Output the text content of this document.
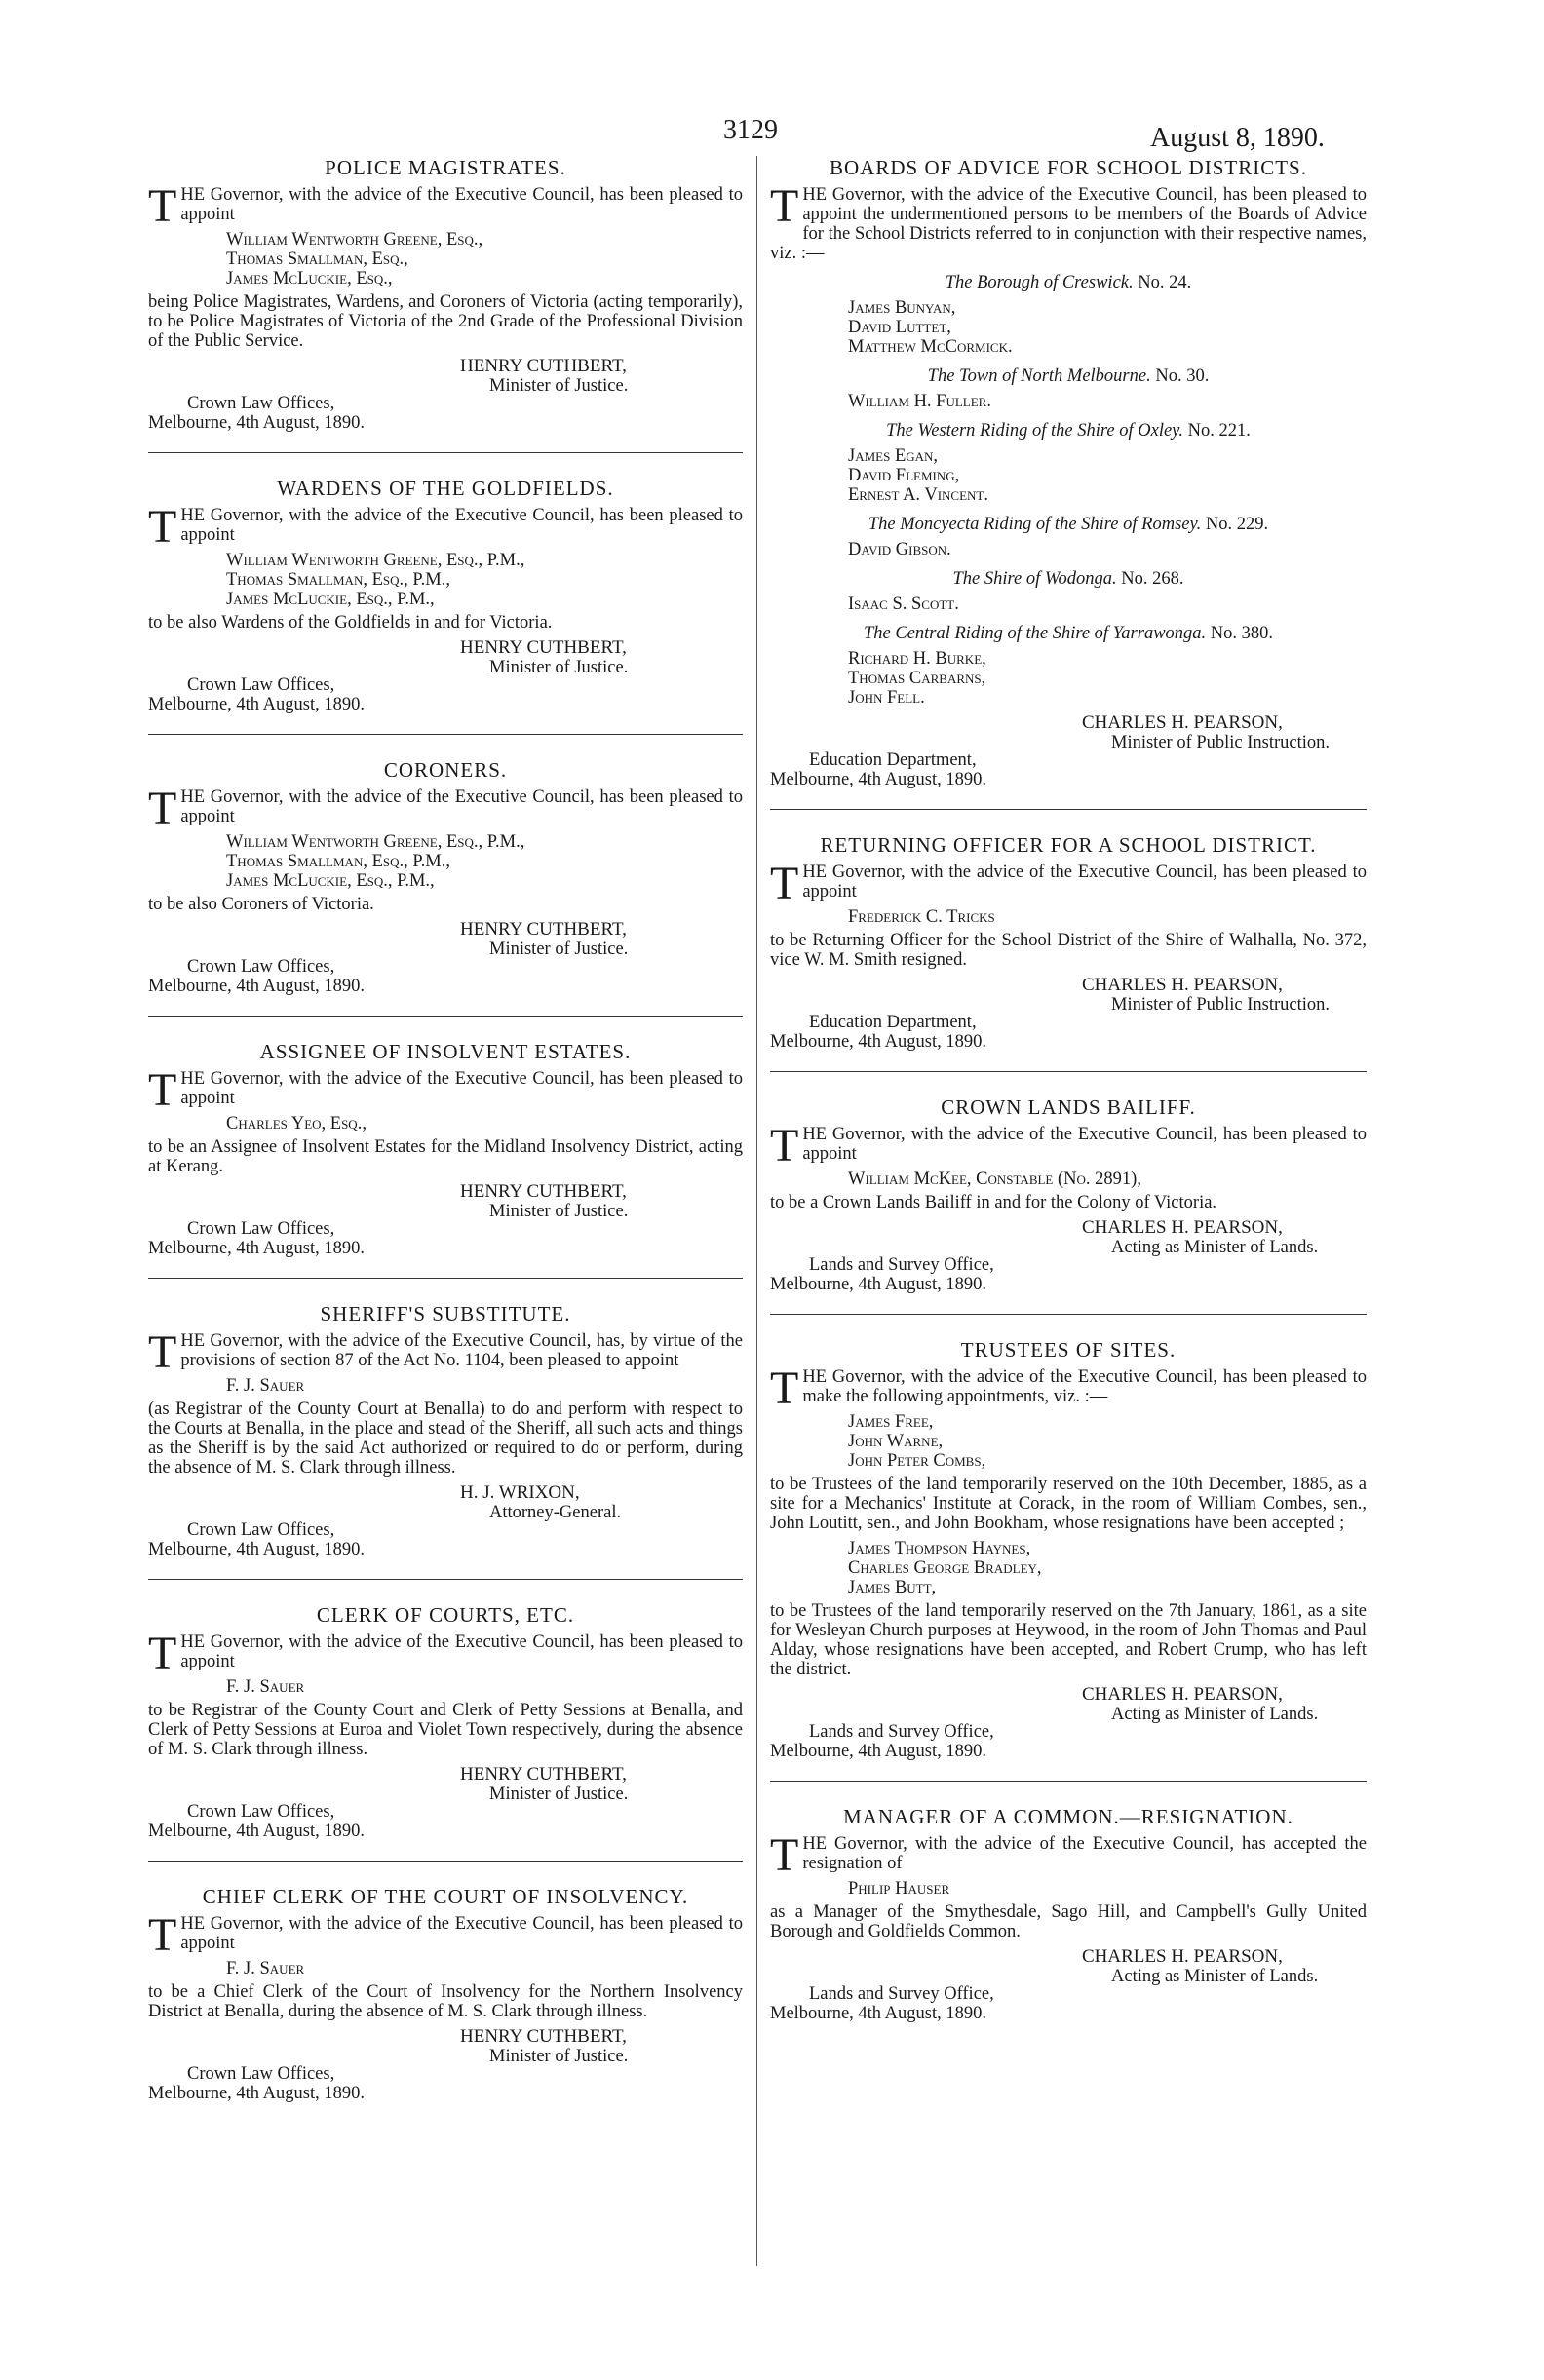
3129	August 8, 1890.
POLICE MAGISTRATES.

THE Governor, with the advice of the Executive Council, has been pleased to appoint

William Wentworth Greene, Esq.,
Thomas Smallman, Esq.,
James McLuckie, Esq.,

being Police Magistrates, Wardens, and Coroners of Victoria (acting temporarily), to be Police Magistrates of Victoria of the 2nd Grade of the Professional Division of the Public Service.

HENRY CUTHBERT,
Minister of Justice.
Crown Law Offices,
Melbourne, 4th August, 1890.
WARDENS OF THE GOLDFIELDS.

THE Governor, with the advice of the Executive Council, has been pleased to appoint

William Wentworth Greene, Esq., P.M.,
Thomas Smallman, Esq., P.M.,
James McLuckie, Esq., P.M.,

to be also Wardens of the Goldfields in and for Victoria.

HENRY CUTHBERT,
Minister of Justice.
Crown Law Offices,
Melbourne, 4th August, 1890.
CORONERS.

THE Governor, with the advice of the Executive Council, has been pleased to appoint

William Wentworth Greene, Esq., P.M.,
Thomas Smallman, Esq., P.M.,
James McLuckie, Esq., P.M.,

to be also Coroners of Victoria.

HENRY CUTHBERT,
Minister of Justice.
Crown Law Offices,
Melbourne, 4th August, 1890.
ASSIGNEE OF INSOLVENT ESTATES.

THE Governor, with the advice of the Executive Council, has been pleased to appoint

Charles Yeo, Esq.,

to be an Assignee of Insolvent Estates for the Midland Insolvency District, acting at Kerang.

HENRY CUTHBERT,
Minister of Justice.
Crown Law Offices,
Melbourne, 4th August, 1890.
SHERIFF'S SUBSTITUTE.

THE Governor, with the advice of the Executive Council, has, by virtue of the provisions of section 87 of the Act No. 1104, been pleased to appoint

F. J. Sauer

(as Registrar of the County Court at Benalla) to do and perform with respect to the Courts at Benalla, in the place and stead of the Sheriff, all such acts and things as the Sheriff is by the said Act authorized or required to do or perform, during the absence of M. S. Clark through illness.

H. J. WRIXON,
Attorney-General.
Crown Law Offices,
Melbourne, 4th August, 1890.
CLERK OF COURTS, ETC.

THE Governor, with the advice of the Executive Council, has been pleased to appoint

F. J. Sauer

to be Registrar of the County Court and Clerk of Petty Sessions at Benalla, and Clerk of Petty Sessions at Euroa and Violet Town respectively, during the absence of M. S. Clark through illness.

HENRY CUTHBERT,
Minister of Justice.
Crown Law Offices,
Melbourne, 4th August, 1890.
CHIEF CLERK OF THE COURT OF INSOLVENCY.

THE Governor, with the advice of the Executive Council, has been pleased to appoint

F. J. Sauer

to be a Chief Clerk of the Court of Insolvency for the Northern Insolvency District at Benalla, during the absence of M. S. Clark through illness.

HENRY CUTHBERT,
Minister of Justice.
Crown Law Offices,
Melbourne, 4th August, 1890.
BOARDS OF ADVICE FOR SCHOOL DISTRICTS.

THE Governor, with the advice of the Executive Council, has been pleased to appoint the undermentioned persons to be members of the Boards of Advice for the School Districts referred to in conjunction with their respective names, viz. :—

The Borough of Creswick. No. 24.
James Bunyan,
David Luttet,
Matthew McCormick.
The Town of North Melbourne. No. 30.
William H. Fuller.
The Western Riding of the Shire of Oxley. No. 221.
James Egan,
David Fleming,
Ernest A. Vincent.
The Moncyecta Riding of the Shire of Romsey. No. 229.
David Gibson.
The Shire of Wodonga. No. 268.
Isaac S. Scott.
The Central Riding of the Shire of Yarrawonga. No. 380.
Richard H. Burke,
Thomas Carbarns,
John Fell.
CHARLES H. PEARSON,
Minister of Public Instruction.
Education Department,
Melbourne, 4th August, 1890.
RETURNING OFFICER FOR A SCHOOL DISTRICT.

THE Governor, with the advice of the Executive Council, has been pleased to appoint

Frederick C. Tricks

to be Returning Officer for the School District of the Shire of Walhalla, No. 372, vice W. M. Smith resigned.

CHARLES H. PEARSON,
Minister of Public Instruction.
Education Department,
Melbourne, 4th August, 1890.
CROWN LANDS BAILIFF.

THE Governor, with the advice of the Executive Council, has been pleased to appoint

William McKee, Constable (No. 2891),

to be a Crown Lands Bailiff in and for the Colony of Victoria.

CHARLES H. PEARSON,
Acting as Minister of Lands.
Lands and Survey Office,
Melbourne, 4th August, 1890.
TRUSTEES OF SITES.

THE Governor, with the advice of the Executive Council, has been pleased to make the following appointments, viz. :—

James Free,
John Warne,
John Peter Combs,

to be Trustees of the land temporarily reserved on the 10th December, 1885, as a site for a Mechanics' Institute at Corack, in the room of William Combes, sen., John Loutitt, sen., and John Bookham, whose resignations have been accepted ;

James Thompson Haynes,
Charles George Bradley,
James Butt,

to be Trustees of the land temporarily reserved on the 7th January, 1861, as a site for Wesleyan Church purposes at Heywood, in the room of John Thomas and Paul Alday, whose resignations have been accepted, and Robert Crump, who has left the district.

CHARLES H. PEARSON,
Acting as Minister of Lands.
Lands and Survey Office,
Melbourne, 4th August, 1890.
MANAGER OF A COMMON.—RESIGNATION.

THE Governor, with the advice of the Executive Council, has accepted the resignation of

Philip Hauser

as a Manager of the Smythesdale, Sago Hill, and Campbell's Gully United Borough and Goldfields Common.

CHARLES H. PEARSON,
Acting as Minister of Lands.
Lands and Survey Office,
Melbourne, 4th August, 1890.
